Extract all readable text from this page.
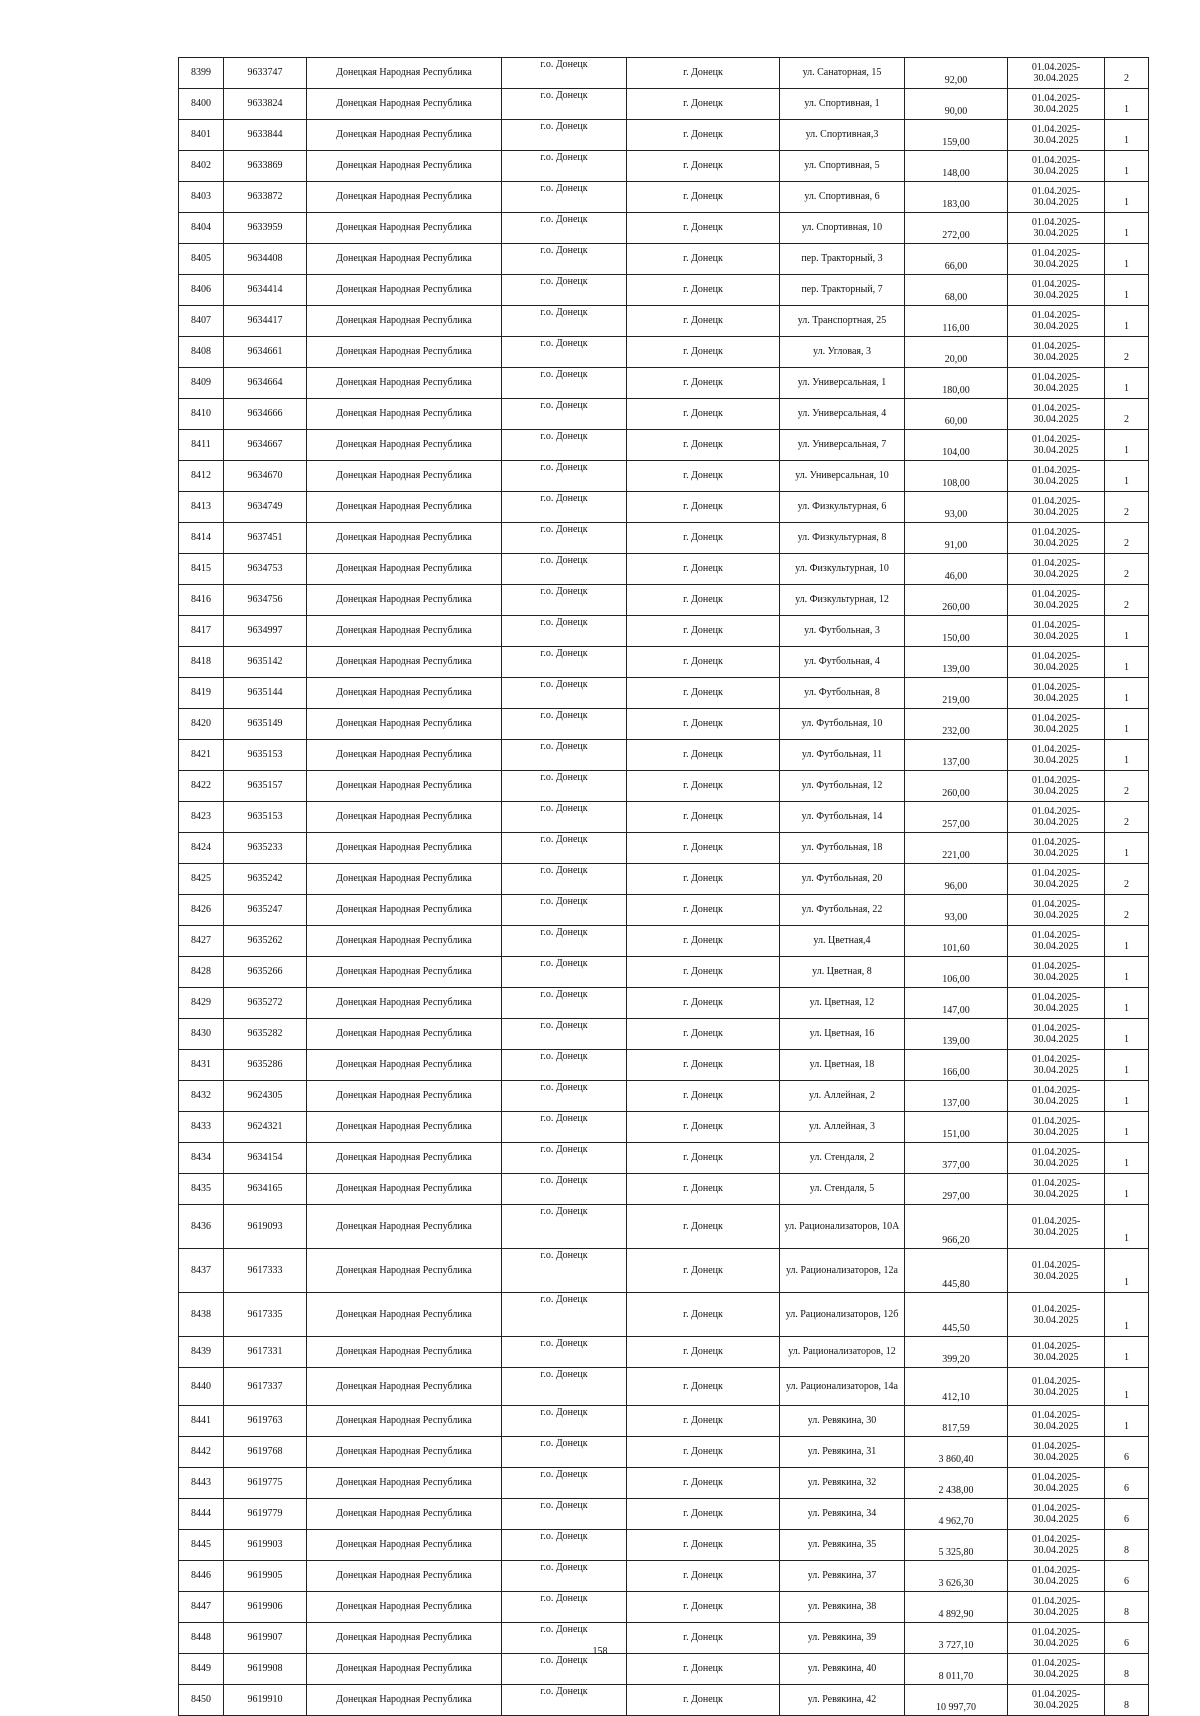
8399	9633747	Донецкая Народная Республика	г.о. Донецк	г. Донецк	ул. Санаторная, 15	92,00	01.04.2025-30.04.2025	2
8400	9633824	Донецкая Народная Республика	г.о. Донецк	г. Донецк	ул. Спортивная, 1	90,00	01.04.2025-30.04.2025	1
8401	9633844	Донецкая Народная Республика	г.о. Донецк	г. Донецк	ул. Спортивная,3	159,00	01.04.2025-30.04.2025	1
8402	9633869	Донецкая Народная Республика	г.о. Донецк	г. Донецк	ул. Спортивная, 5	148,00	01.04.2025-30.04.2025	1
8403	9633872	Донецкая Народная Республика	г.о. Донецк	г. Донецк	ул. Спортивная, 6	183,00	01.04.2025-30.04.2025	1
8404	9633959	Донецкая Народная Республика	г.о. Донецк	г. Донецк	ул. Спортивная, 10	272,00	01.04.2025-30.04.2025	1
8405	9634408	Донецкая Народная Республика	г.о. Донецк	г. Донецк	пер. Тракторный, 3	66,00	01.04.2025-30.04.2025	1
8406	9634414	Донецкая Народная Республика	г.о. Донецк	г. Донецк	пер. Тракторный, 7	68,00	01.04.2025-30.04.2025	1
8407	9634417	Донецкая Народная Республика	г.о. Донецк	г. Донецк	ул. Транспортная, 25	116,00	01.04.2025-30.04.2025	1
8408	9634661	Донецкая Народная Республика	г.о. Донецк	г. Донецк	ул. Угловая, 3	20,00	01.04.2025-30.04.2025	2
8409	9634664	Донецкая Народная Республика	г.о. Донецк	г. Донецк	ул. Универсальная, 1	180,00	01.04.2025-30.04.2025	1
8410	9634666	Донецкая Народная Республика	г.о. Донецк	г. Донецк	ул. Универсальная, 4	60,00	01.04.2025-30.04.2025	2
8411	9634667	Донецкая Народная Республика	г.о. Донецк	г. Донецк	ул. Универсальная, 7	104,00	01.04.2025-30.04.2025	1
8412	9634670	Донецкая Народная Республика	г.о. Донецк	г. Донецк	ул. Универсальная, 10	108,00	01.04.2025-30.04.2025	1
8413	9634749	Донецкая Народная Республика	г.о. Донецк	г. Донецк	ул. Физкультурная, 6	93,00	01.04.2025-30.04.2025	2
8414	9637451	Донецкая Народная Республика	г.о. Донецк	г. Донецк	ул. Физкультурная, 8	91,00	01.04.2025-30.04.2025	2
8415	9634753	Донецкая Народная Республика	г.о. Донецк	г. Донецк	ул. Физкультурная, 10	46,00	01.04.2025-30.04.2025	2
8416	9634756	Донецкая Народная Республика	г.о. Донецк	г. Донецк	ул. Физкультурная, 12	260,00	01.04.2025-30.04.2025	2
8417	9634997	Донецкая Народная Республика	г.о. Донецк	г. Донецк	ул. Футбольная, 3	150,00	01.04.2025-30.04.2025	1
8418	9635142	Донецкая Народная Республика	г.о. Донецк	г. Донецк	ул. Футбольная, 4	139,00	01.04.2025-30.04.2025	1
8419	9635144	Донецкая Народная Республика	г.о. Донецк	г. Донецк	ул. Футбольная, 8	219,00	01.04.2025-30.04.2025	1
8420	9635149	Донецкая Народная Республика	г.о. Донецк	г. Донецк	ул. Футбольная, 10	232,00	01.04.2025-30.04.2025	1
8421	9635153	Донецкая Народная Республика	г.о. Донецк	г. Донецк	ул. Футбольная, 11	137,00	01.04.2025-30.04.2025	1
8422	9635157	Донецкая Народная Республика	г.о. Донецк	г. Донецк	ул. Футбольная, 12	260,00	01.04.2025-30.04.2025	2
8423	9635153	Донецкая Народная Республика	г.о. Донецк	г. Донецк	ул. Футбольная, 14	257,00	01.04.2025-30.04.2025	2
8424	9635233	Донецкая Народная Республика	г.о. Донецк	г. Донецк	ул. Футбольная, 18	221,00	01.04.2025-30.04.2025	1
8425	9635242	Донецкая Народная Республика	г.о. Донецк	г. Донецк	ул. Футбольная, 20	96,00	01.04.2025-30.04.2025	2
8426	9635247	Донецкая Народная Республика	г.о. Донецк	г. Донецк	ул. Футбольная, 22	93,00	01.04.2025-30.04.2025	2
8427	9635262	Донецкая Народная Республика	г.о. Донецк	г. Донецк	ул. Цветная,4	101,60	01.04.2025-30.04.2025	1
8428	9635266	Донецкая Народная Республика	г.о. Донецк	г. Донецк	ул. Цветная, 8	106,00	01.04.2025-30.04.2025	1
8429	9635272	Донецкая Народная Республика	г.о. Донецк	г. Донецк	ул. Цветная, 12	147,00	01.04.2025-30.04.2025	1
8430	9635282	Донецкая Народная Республика	г.о. Донецк	г. Донецк	ул. Цветная, 16	139,00	01.04.2025-30.04.2025	1
8431	9635286	Донецкая Народная Республика	г.о. Донецк	г. Донецк	ул. Цветная, 18	166,00	01.04.2025-30.04.2025	1
8432	9624305	Донецкая Народная Республика	г.о. Донецк	г. Донецк	ул. Аллейная, 2	137,00	01.04.2025-30.04.2025	1
8433	9624321	Донецкая Народная Республика	г.о. Донецк	г. Донецк	ул. Аллейная, 3	151,00	01.04.2025-30.04.2025	1
8434	9634154	Донецкая Народная Республика	г.о. Донецк	г. Донецк	ул. Стендаля, 2	377,00	01.04.2025-30.04.2025	1
8435	9634165	Донецкая Народная Республика	г.о. Донецк	г. Донецк	ул. Стендаля, 5	297,00	01.04.2025-30.04.2025	1
8436	9619093	Донецкая Народная Республика	г.о. Донецк	г. Донецк	ул. Рационализаторов, 10А	966,20	01.04.2025-30.04.2025	1
8437	9617333	Донецкая Народная Республика	г.о. Донецк	г. Донецк	ул. Рационализаторов, 12а	445,80	01.04.2025-30.04.2025	1
8438	9617335	Донецкая Народная Республика	г.о. Донецк	г. Донецк	ул. Рационализаторов, 12б	445,50	01.04.2025-30.04.2025	1
8439	9617331	Донецкая Народная Республика	г.о. Донецк	г. Донецк	ул. Рационализаторов, 12	399,20	01.04.2025-30.04.2025	1
8440	9617337	Донецкая Народная Республика	г.о. Донецк	г. Донецк	ул. Рационализаторов, 14а	412,10	01.04.2025-30.04.2025	1
8441	9619763	Донецкая Народная Республика	г.о. Донецк	г. Донецк	ул. Ревякина, 30	817,59	01.04.2025-30.04.2025	1
8442	9619768	Донецкая Народная Республика	г.о. Донецк	г. Донецк	ул. Ревякина, 31	3 860,40	01.04.2025-30.04.2025	6
8443	9619775	Донецкая Народная Республика	г.о. Донецк	г. Донецк	ул. Ревякина, 32	2 438,00	01.04.2025-30.04.2025	6
8444	9619779	Донецкая Народная Республика	г.о. Донецк	г. Донецк	ул. Ревякина, 34	4 962,70	01.04.2025-30.04.2025	6
8445	9619903	Донецкая Народная Республика	г.о. Донецк	г. Донецк	ул. Ревякина, 35	5 325,80	01.04.2025-30.04.2025	8
8446	9619905	Донецкая Народная Республика	г.о. Донецк	г. Донецк	ул. Ревякина, 37	3 626,30	01.04.2025-30.04.2025	6
8447	9619906	Донецкая Народная Республика	г.о. Донецк	г. Донецк	ул. Ревякина, 38	4 892,90	01.04.2025-30.04.2025	8
8448	9619907	Донецкая Народная Республика	г.о. Донецк	г. Донецк	ул. Ревякина, 39	3 727,10	01.04.2025-30.04.2025	6
8449	9619908	Донецкая Народная Республика	г.о. Донецк	г. Донецк	ул. Ревякина, 40	8 011,70	01.04.2025-30.04.2025	8
8450	9619910	Донецкая Народная Республика	г.о. Донецк	г. Донецк	ул. Ревякина, 42	10 997,70	01.04.2025-30.04.2025	8
158
